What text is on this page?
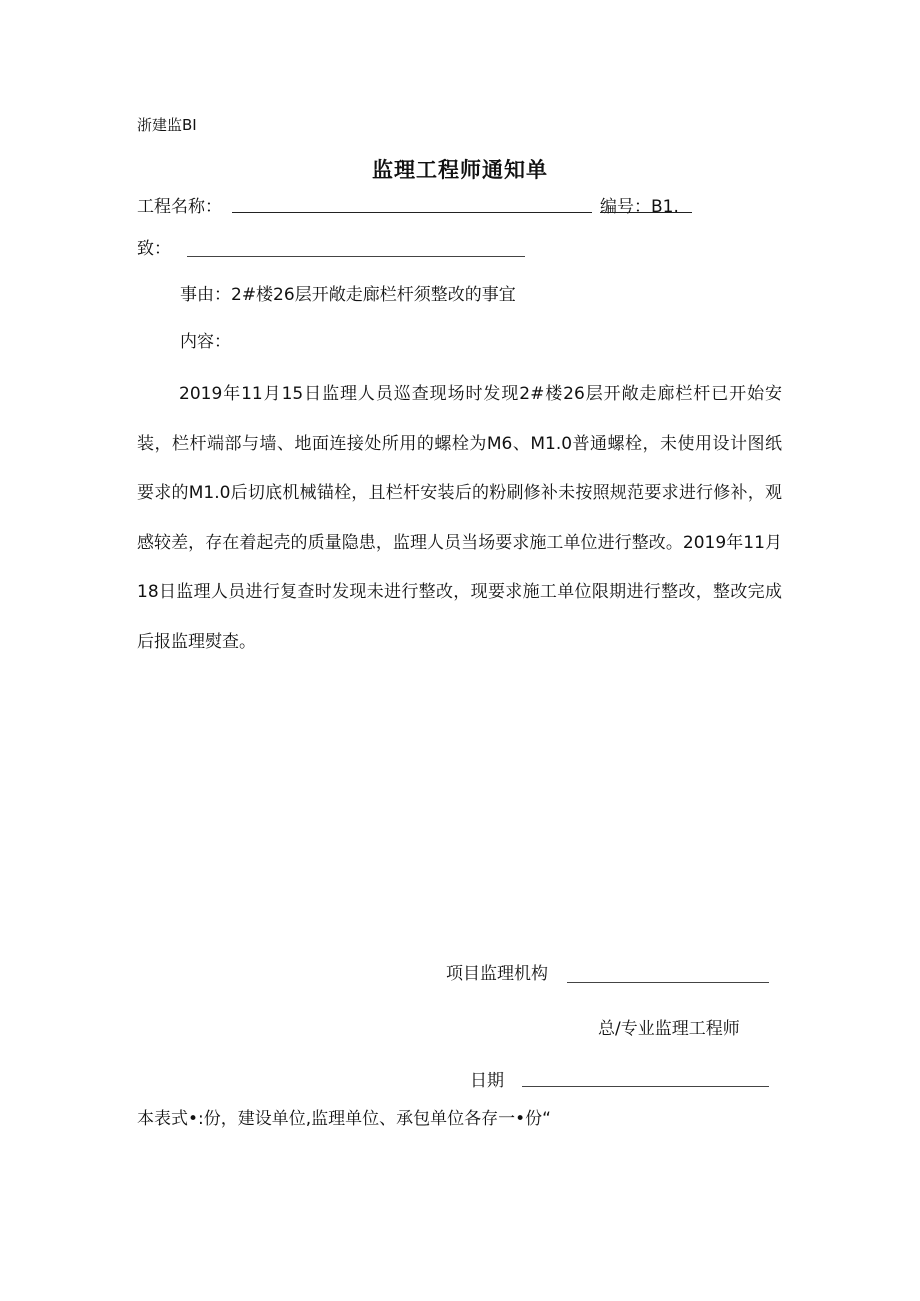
浙建监BI
监理工程师通知单
工程名称：	编号：B1.
致：
事由：2#楼26层开敞走廊栏杆须整改的事宜
内容：

2019年11月15日监理人员巡查现场时发现2#楼26层开敞走廊栏杆已开始安装，栏杆端部与墙、地面连接处所用的螺栓为M6、M1.0普通螺栓，未使用设计图纸要求的M1.0后切底机械锚栓，且栏杆安装后的粉刷修补未按照规范要求进行修补，观感较差，存在着起壳的质量隐患，监理人员当场要求施工单位进行整改。2019年11月18日监理人员进行复查时发现未进行整改，现要求施工单位限期进行整改，整改完成后报监理熨查。

项目监理机构
总/专业监理工程师
日期
本表式•:份，建设单位,监理单位、承包单位各存一•份“
